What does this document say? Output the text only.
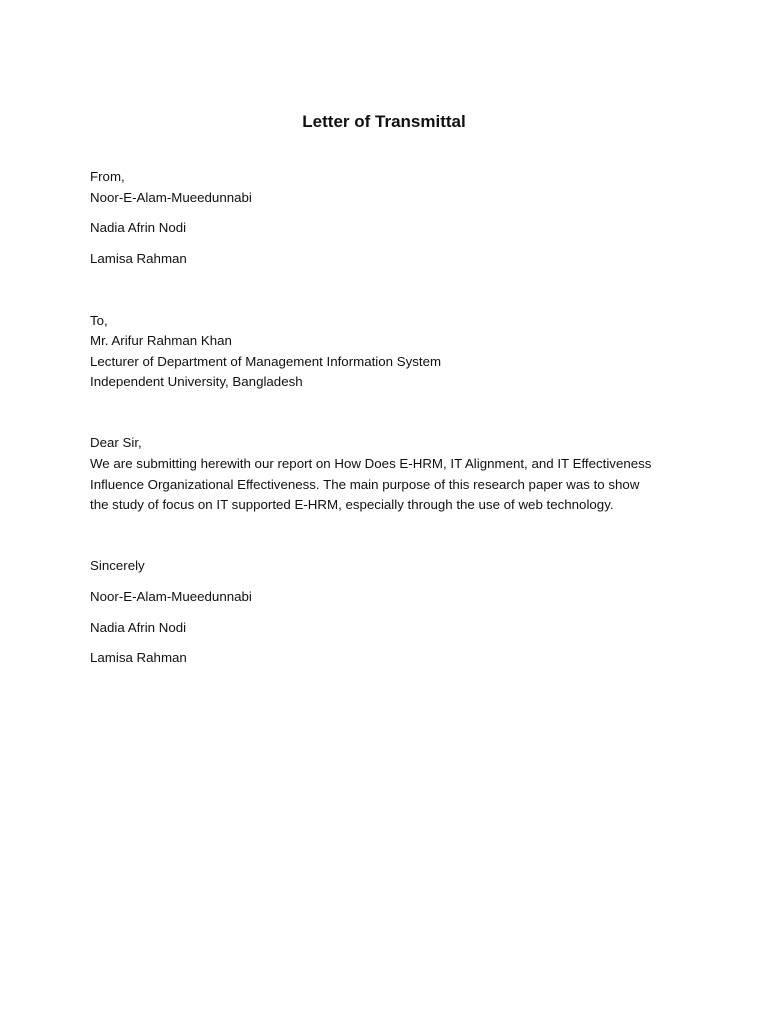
Letter of Transmittal
From,
Noor-E-Alam-Mueedunnabi
Nadia Afrin Nodi
Lamisa Rahman
To,
Mr. Arifur Rahman Khan
Lecturer of Department of Management Information System
Independent University, Bangladesh
Dear Sir,
We are submitting herewith our report on How Does E-HRM, IT Alignment, and IT Effectiveness
Influence Organizational Effectiveness. The main purpose of this research paper was to show
the study of focus on IT supported E-HRM, especially through the use of web technology.
Sincerely
Noor-E-Alam-Mueedunnabi
Nadia Afrin Nodi
Lamisa Rahman
